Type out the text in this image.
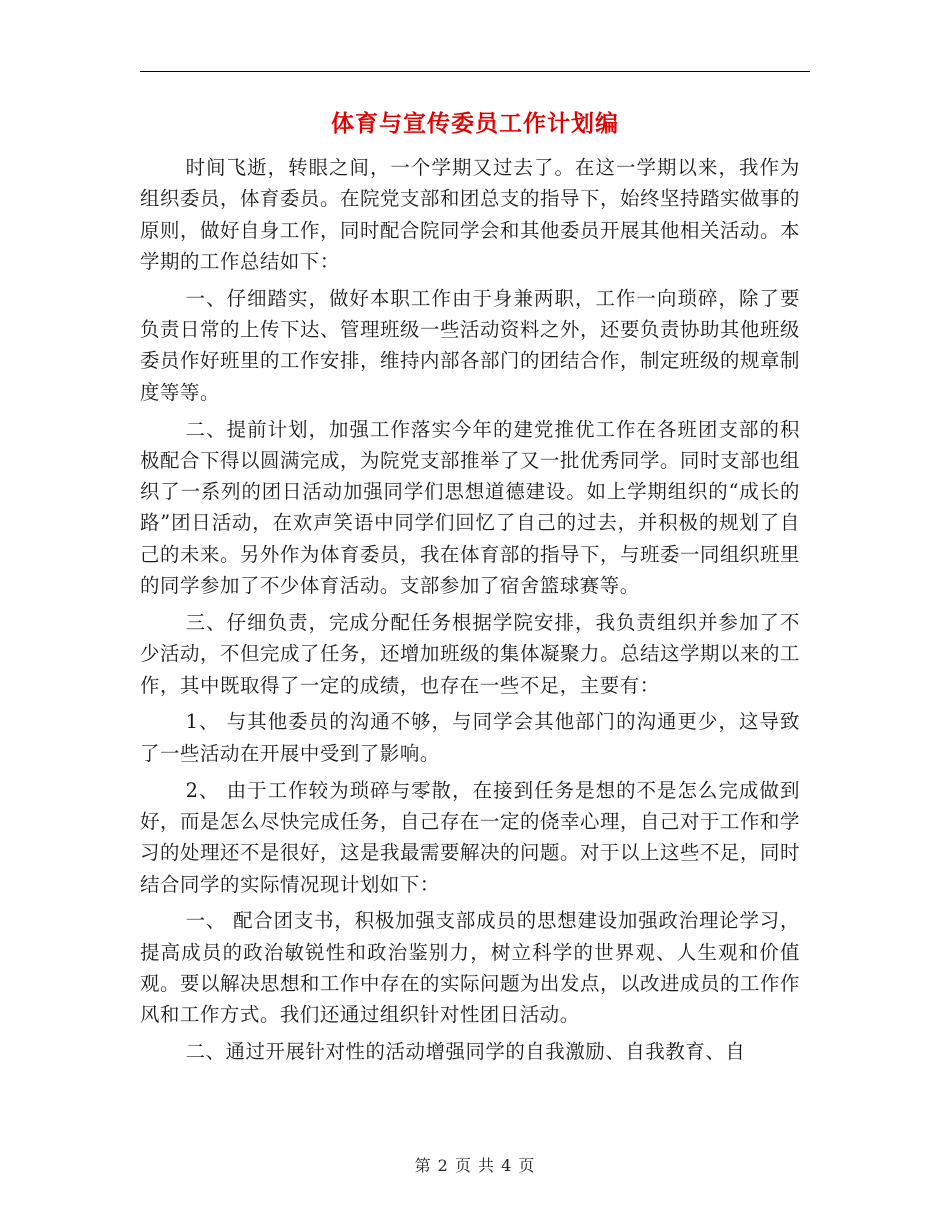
体育与宣传委员工作计划编

时间飞逝，转眼之间，一个学期又过去了。在这一学期以来，我作为组织委员，体育委员。在院党支部和团总支的指导下，始终坚持踏实做事的原则，做好自身工作，同时配合院同学会和其他委员开展其他相关活动。本学期的工作总结如下：

一、仔细踏实，做好本职工作由于身兼两职，工作一向琐碎，除了要负责日常的上传下达、管理班级一些活动资料之外，还要负责协助其他班级委员作好班里的工作安排，维持内部各部门的团结合作，制定班级的规章制度等等。

二、提前计划，加强工作落实今年的建党推优工作在各班团支部的积极配合下得以圆满完成，为院党支部推举了又一批优秀同学。同时支部也组织了一系列的团日活动加强同学们思想道德建设。如上学期组织的“成长的路”团日活动，在欢声笑语中同学们回忆了自己的过去，并积极的规划了自己的未来。另外作为体育委员，我在体育部的指导下，与班委一同组织班里的同学参加了不少体育活动。支部参加了宿舍篮球赛等。

三、仔细负责，完成分配任务根据学院安排，我负责组织并参加了不少活动，不但完成了任务，还增加班级的集体凝聚力。总结这学期以来的工作，其中既取得了一定的成绩，也存在一些不足，主要有：

1、 与其他委员的沟通不够，与同学会其他部门的沟通更少，这导致了一些活动在开展中受到了影响。

2、 由于工作较为琐碎与零散，在接到任务是想的不是怎么完成做到好，而是怎么尽快完成任务，自己存在一定的侥幸心理，自己对于工作和学习的处理还不是很好，这是我最需要解决的问题。对于以上这些不足，同时结合同学的实际情况现计划如下：

一、 配合团支书，积极加强支部成员的思想建设加强政治理论学习，提高成员的政治敏锐性和政治鉴别力，树立科学的世界观、人生观和价值观。要以解决思想和工作中存在的实际问题为出发点，以改进成员的工作作风和工作方式。我们还通过组织针对性团日活动。

二、通过开展针对性的活动增强同学的自我激励、自我教育、自

第 2 页 共 4 页
